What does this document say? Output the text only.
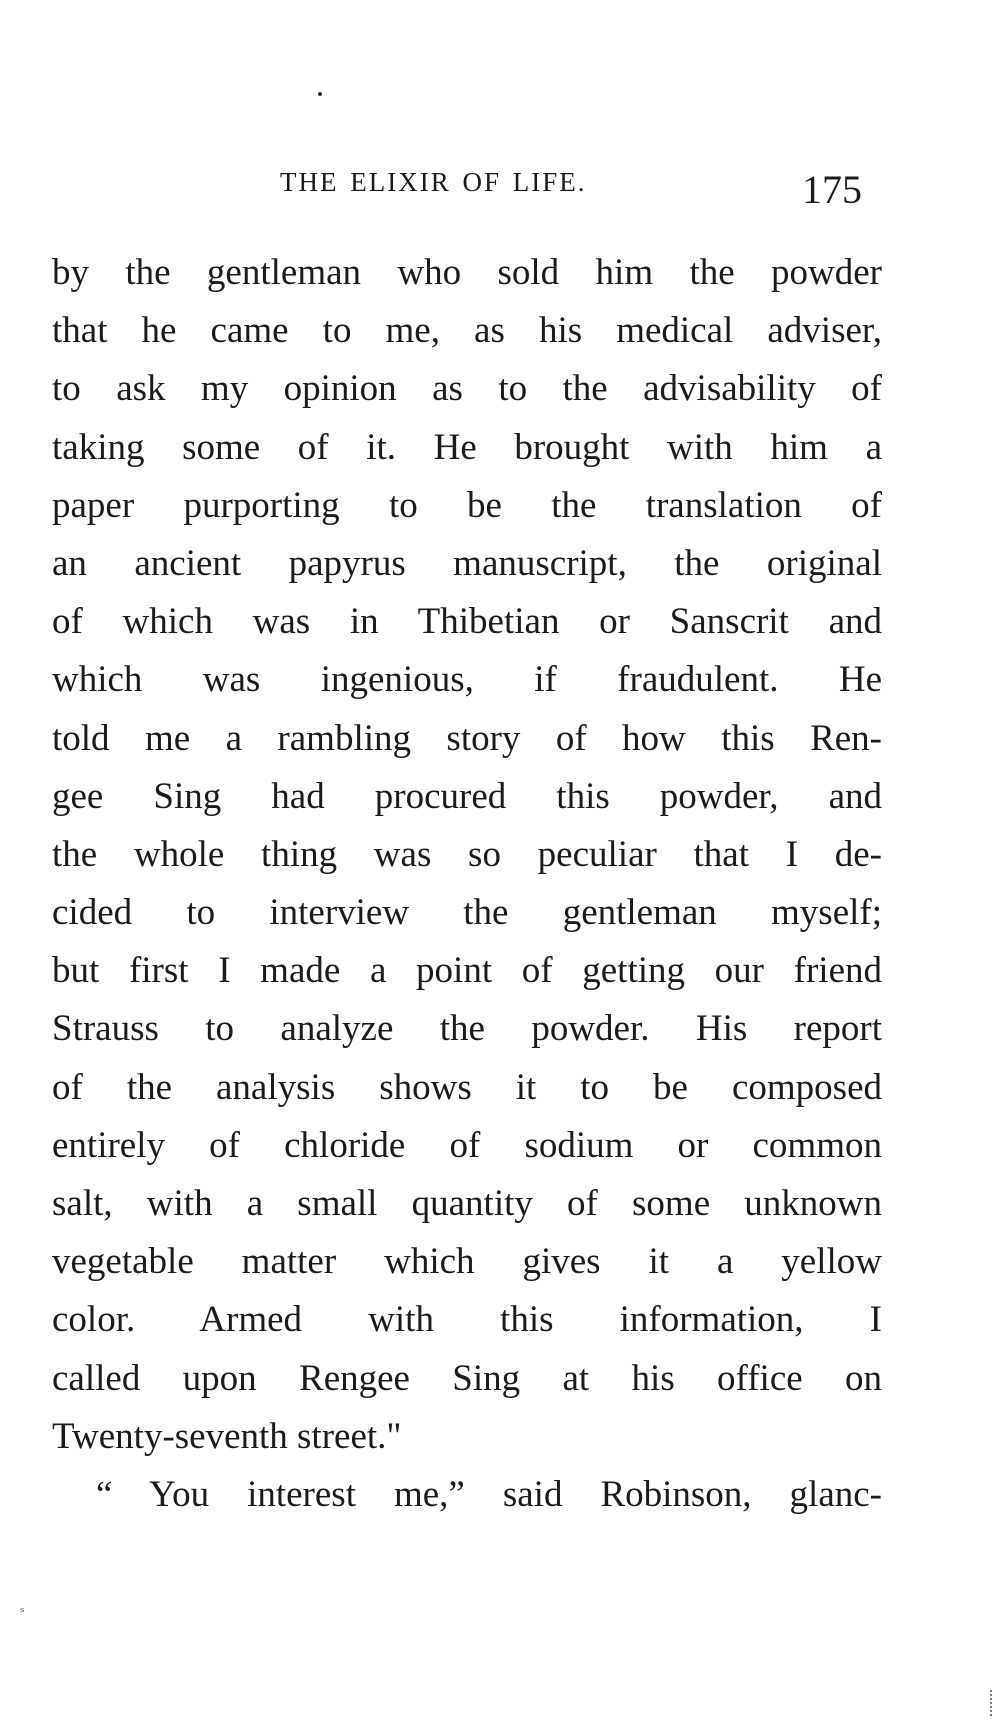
THE ELIXIR OF LIFE.	175
by the gentleman who sold him the powder
that he came to me, as his medical adviser,
to ask my opinion as to the advisability of
taking some of it. He brought with him a
paper purporting to be the translation of
an ancient papyrus manuscript, the original
of which was in Thibetian or Sanscrit and
which was ingenious, if fraudulent. He
told me a rambling story of how this Ren-
gee Sing had procured this powder, and
the whole thing was so peculiar that I de-
cided to interview the gentleman myself;
but first I made a point of getting our friend
Strauss to analyze the powder. His report
of the analysis shows it to be composed
entirely of chloride of sodium or common
salt, with a small quantity of some unknown
vegetable matter which gives it a yellow
color. Armed with this information, I
called upon Rengee Sing at his office on
Twenty-seventh street."
“ You interest me,” said Robinson, glanc-
ₛ
